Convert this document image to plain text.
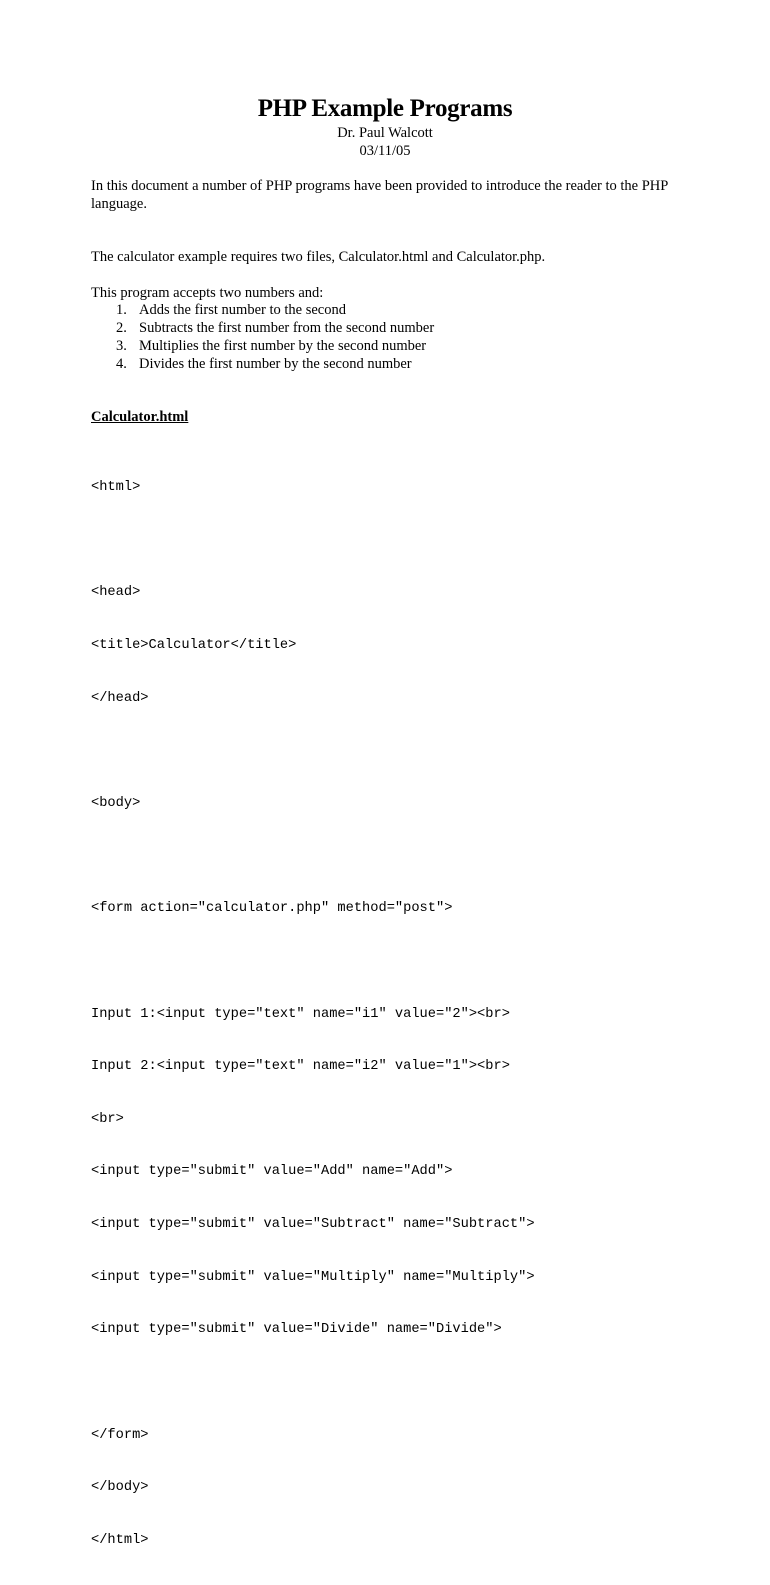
PHP Example Programs
Dr. Paul Walcott
03/11/05
In this document a number of PHP programs have been provided to introduce the reader to the PHP language.
The calculator example requires two files, Calculator.html and Calculator.php.
This program accepts two numbers and:
1. Adds the first number to the second
2. Subtracts the first number from the second number
3. Multiplies the first number by the second number
4. Divides the first number by the second number
Calculator.html

<html>

<head>

<title>Calculator</title>

</head>

<body>

<form action="calculator.php" method="post">

Input 1:<input type="text" name="i1" value="2"><br>

Input 2:<input type="text" name="i2" value="1"><br>

<br>

<input type="submit" value="Add" name="Add">

<input type="submit" value="Subtract" name="Subtract">

<input type="submit" value="Multiply" name="Multiply">

<input type="submit" value="Divide" name="Divide">

</form>

</body>

</html>
